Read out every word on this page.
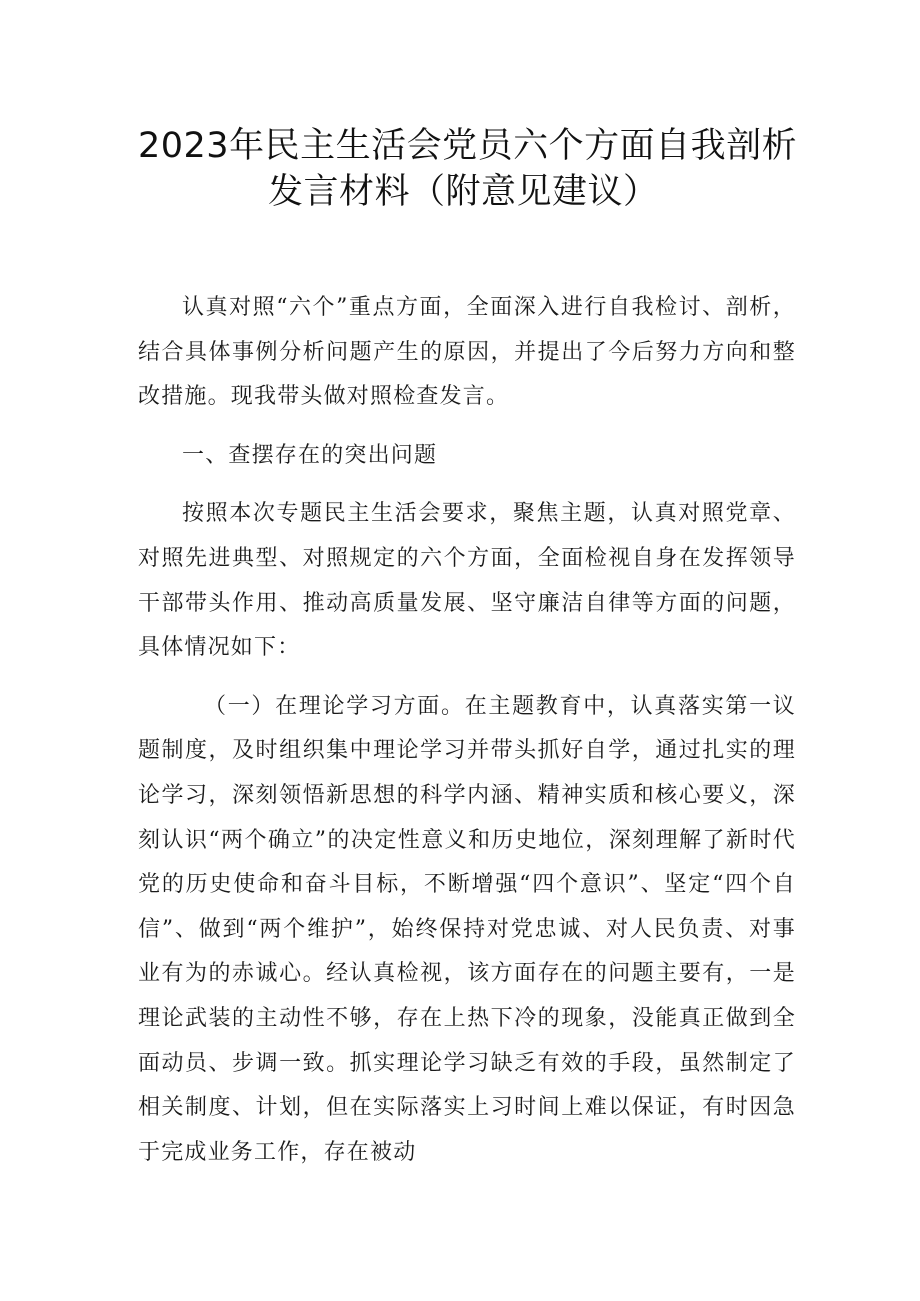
2023年民主生活会党员六个方面自我剖析
发言材料（附意见建议）

认真对照“六个”重点方面，全面深入进行自我检讨、剖析，结合具体事例分析问题产生的原因，并提出了今后努力方向和整改措施。现我带头做对照检查发言。

一、查摆存在的突出问题

按照本次专题民主生活会要求，聚焦主题，认真对照党章、对照先进典型、对照规定的六个方面，全面检视自身在发挥领导干部带头作用、推动高质量发展、坚守廉洁自律等方面的问题，具体情况如下：

（一）在理论学习方面。在主题教育中，认真落实第一议题制度，及时组织集中理论学习并带头抓好自学，通过扎实的理论学习，深刻领悟新思想的科学内涵、精神实质和核心要义，深刻认识“两个确立”的决定性意义和历史地位，深刻理解了新时代党的历史使命和奋斗目标，不断增强“四个意识”、坚定“四个自信”、做到“两个维护”，始终保持对党忠诚、对人民负责、对事业有为的赤诚心。经认真检视，该方面存在的问题主要有，一是理论武装的主动性不够，存在上热下冷的现象，没能真正做到全面动员、步调一致。抓实理论学习缺乏有效的手段，虽然制定了相关制度、计划，但在实际落实上习时间上难以保证，有时因急于完成业务工作，存在被动
